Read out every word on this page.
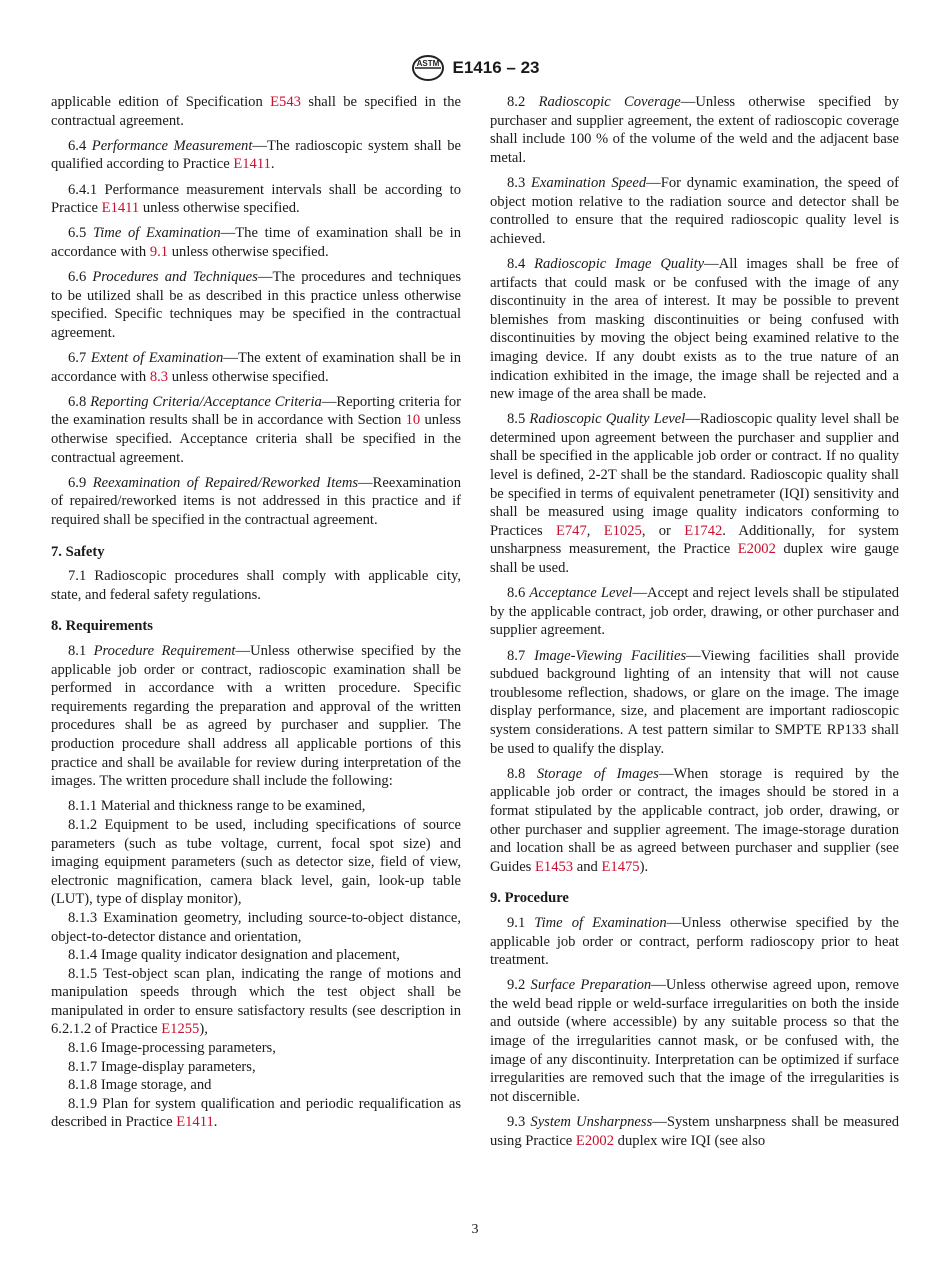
ASTM E1416 – 23

applicable edition of Specification E543 shall be specified in the contractual agreement.

6.4 Performance Measurement—The radioscopic system shall be qualified according to Practice E1411.

6.4.1 Performance measurement intervals shall be according to Practice E1411 unless otherwise specified.

6.5 Time of Examination—The time of examination shall be in accordance with 9.1 unless otherwise specified.

6.6 Procedures and Techniques—The procedures and techniques to be utilized shall be as described in this practice unless otherwise specified. Specific techniques may be specified in the contractual agreement.

6.7 Extent of Examination—The extent of examination shall be in accordance with 8.3 unless otherwise specified.

6.8 Reporting Criteria/Acceptance Criteria—Reporting criteria for the examination results shall be in accordance with Section 10 unless otherwise specified. Acceptance criteria shall be specified in the contractual agreement.

6.9 Reexamination of Repaired/Reworked Items—Reexamination of repaired/reworked items is not addressed in this practice and if required shall be specified in the contractual agreement.

7. Safety

7.1 Radioscopic procedures shall comply with applicable city, state, and federal safety regulations.

8. Requirements

8.1 Procedure Requirement—Unless otherwise specified by the applicable job order or contract, radioscopic examination shall be performed in accordance with a written procedure. Specific requirements regarding the preparation and approval of the written procedures shall be as agreed by purchaser and supplier. The production procedure shall address all applicable portions of this practice and shall be available for review during interpretation of the images. The written procedure shall include the following:

8.1.1 Material and thickness range to be examined,

8.1.2 Equipment to be used, including specifications of source parameters (such as tube voltage, current, focal spot size) and imaging equipment parameters (such as detector size, field of view, electronic magnification, camera black level, gain, look-up table (LUT), type of display monitor),

8.1.3 Examination geometry, including source-to-object distance, object-to-detector distance and orientation,

8.1.4 Image quality indicator designation and placement,

8.1.5 Test-object scan plan, indicating the range of motions and manipulation speeds through which the test object shall be manipulated in order to ensure satisfactory results (see description in 6.2.1.2 of Practice E1255),

8.1.6 Image-processing parameters,

8.1.7 Image-display parameters,

8.1.8 Image storage, and

8.1.9 Plan for system qualification and periodic requalification as described in Practice E1411.

8.2 Radioscopic Coverage—Unless otherwise specified by purchaser and supplier agreement, the extent of radioscopic coverage shall include 100 % of the volume of the weld and the adjacent base metal.

8.3 Examination Speed—For dynamic examination, the speed of object motion relative to the radiation source and detector shall be controlled to ensure that the required radioscopic quality level is achieved.

8.4 Radioscopic Image Quality—All images shall be free of artifacts that could mask or be confused with the image of any discontinuity in the area of interest. It may be possible to prevent blemishes from masking discontinuities or being confused with discontinuities by moving the object being examined relative to the imaging device. If any doubt exists as to the true nature of an indication exhibited in the image, the image shall be rejected and a new image of the area shall be made.

8.5 Radioscopic Quality Level—Radioscopic quality level shall be determined upon agreement between the purchaser and supplier and shall be specified in the applicable job order or contract. If no quality level is defined, 2-2T shall be the standard. Radioscopic quality shall be specified in terms of equivalent penetrameter (IQI) sensitivity and shall be measured using image quality indicators conforming to Practices E747, E1025, or E1742. Additionally, for system unsharpness measurement, the Practice E2002 duplex wire gauge shall be used.

8.6 Acceptance Level—Accept and reject levels shall be stipulated by the applicable contract, job order, drawing, or other purchaser and supplier agreement.

8.7 Image-Viewing Facilities—Viewing facilities shall provide subdued background lighting of an intensity that will not cause troublesome reflection, shadows, or glare on the image. The image display performance, size, and placement are important radioscopic system considerations. A test pattern similar to SMPTE RP133 shall be used to qualify the display.

8.8 Storage of Images—When storage is required by the applicable job order or contract, the images should be stored in a format stipulated by the applicable contract, job order, drawing, or other purchaser and supplier agreement. The image-storage duration and location shall be as agreed between purchaser and supplier (see Guides E1453 and E1475).

9. Procedure

9.1 Time of Examination—Unless otherwise specified by the applicable job order or contract, perform radioscopy prior to heat treatment.

9.2 Surface Preparation—Unless otherwise agreed upon, remove the weld bead ripple or weld-surface irregularities on both the inside and outside (where accessible) by any suitable process so that the image of the irregularities cannot mask, or be confused with, the image of any discontinuity. Interpretation can be optimized if surface irregularities are removed such that the image of the irregularities is not discernible.

9.3 System Unsharpness—System unsharpness shall be measured using Practice E2002 duplex wire IQI (see also

3
